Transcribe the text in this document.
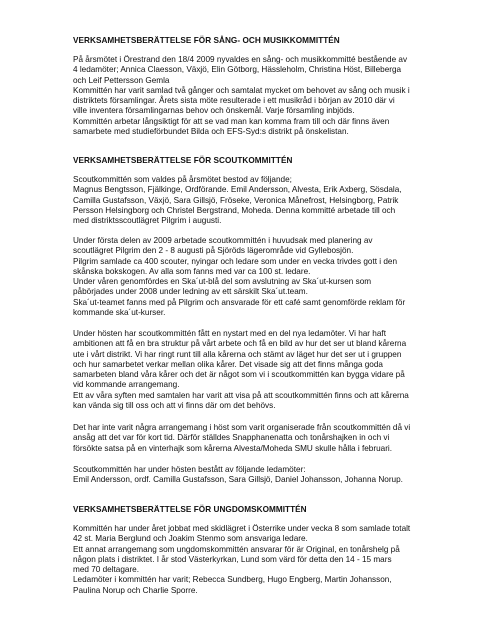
VERKSAMHETSBERÄTTELSE FÖR SÅNG- OCH MUSIKKOMMITTÉN
På årsmötet i Örestrand den 18/4 2009 nyvaldes en sång- och musikkommitté bestående av
4 ledamöter; Annica Claesson, Växjö, Elin Götborg, Hässleholm, Christina Höst, Billeberga
och Leif Pettersson Gemla
Kommittén har varit samlad två gånger och samtalat mycket om behovet av sång och musik i
distriktets församlingar. Årets sista möte resulterade i ett musikråd i början av 2010 där vi
ville inventera församlingarnas behov och önskemål. Varje församling inbjöds.
Kommittén arbetar långsiktigt för att se vad man kan komma fram till och där finns även
samarbete med studieförbundet Bilda och EFS-Syd:s distrikt på önskelistan.
VERKSAMHETSBERÄTTELSE FÖR SCOUTKOMMITTÉN
Scoutkommittén som valdes på årsmötet bestod av följande;
Magnus Bengtsson, Fjälkinge, Ordförande. Emil Andersson, Alvesta, Erik Axberg, Sösdala,
Camilla Gustafsson, Växjö, Sara Gillsjö, Fröseke, Veronica Månefrost, Helsingborg, Patrik
Persson Helsingborg och Christel Bergstrand, Moheda. Denna kommitté arbetade till och
med distriktsscoutlägret Pilgrim i augusti.
Under första delen av 2009 arbetade scoutkommittén i huvudsak med planering av
scoutlägret Pilgrim den 2 - 8 augusti på Sjöröds lägerområde vid Gyllebosjön.
Pilgrim samlade ca 400 scouter, nyingar och ledare som under en vecka trivdes gott i den
skånska bokskogen. Av alla som fanns med var ca 100 st. ledare.
Under våren genomfördes en Ska´ut-blå del som avslutning av Ska´ut-kursen som
påbörjades under 2008 under ledning av ett särskilt Ska´ut.team.
Ska´ut-teamet fanns med på Pilgrim och ansvarade för ett café samt genomförde reklam för
kommande ska´ut-kurser.
Under hösten har scoutkommittén fått en nystart med en del nya ledamöter. Vi har haft
ambitionen att få en bra struktur på vårt arbete och få en bild av hur det ser ut bland kårerna
ute i vårt distrikt. Vi har ringt runt till alla kårerna och stämt av läget hur det ser ut i gruppen
och hur samarbetet verkar mellan olika kårer. Det visade sig att det finns många goda
samarbeten bland våra kårer och det är något som vi i scoutkommittén kan bygga vidare på
vid kommande arrangemang.
Ett av våra syften med samtalen har varit att visa på att scoutkommittén finns och att kårerna
kan vända sig till oss och att vi finns där om det behövs.
Det har inte varit några arrangemang i höst som varit organiserade från scoutkommittén då vi
ansåg att det var för kort tid. Därför ställdes Snapphanenatta och tonårshajken in och vi
försökte satsa på en vinterhajk som kårerna Alvesta/Moheda SMU skulle hålla i februari.
Scoutkommittén har under hösten bestått av följande ledamöter:
Emil Andersson, ordf. Camilla Gustafsson, Sara Gillsjö, Daniel Johansson, Johanna Norup.
VERKSAMHETSBERÄTTELSE FÖR UNGDOMSKOMMITTÉN
Kommittén har under året jobbat med skidlägret i Österrike under vecka 8 som samlade totalt
42 st. Maria Berglund och Joakim Stenmo som ansvariga ledare.
Ett annat arrangemang som ungdomskommittén ansvarar för är Original, en tonårshelg på
någon plats i distriktet. I år stod Västerkyrkan, Lund som värd för detta den 14 - 15 mars
med 70 deltagare.
Ledamöter i kommittén har varit; Rebecca Sundberg, Hugo Engberg, Martin Johansson,
Paulina Norup och Charlie Sporre.
